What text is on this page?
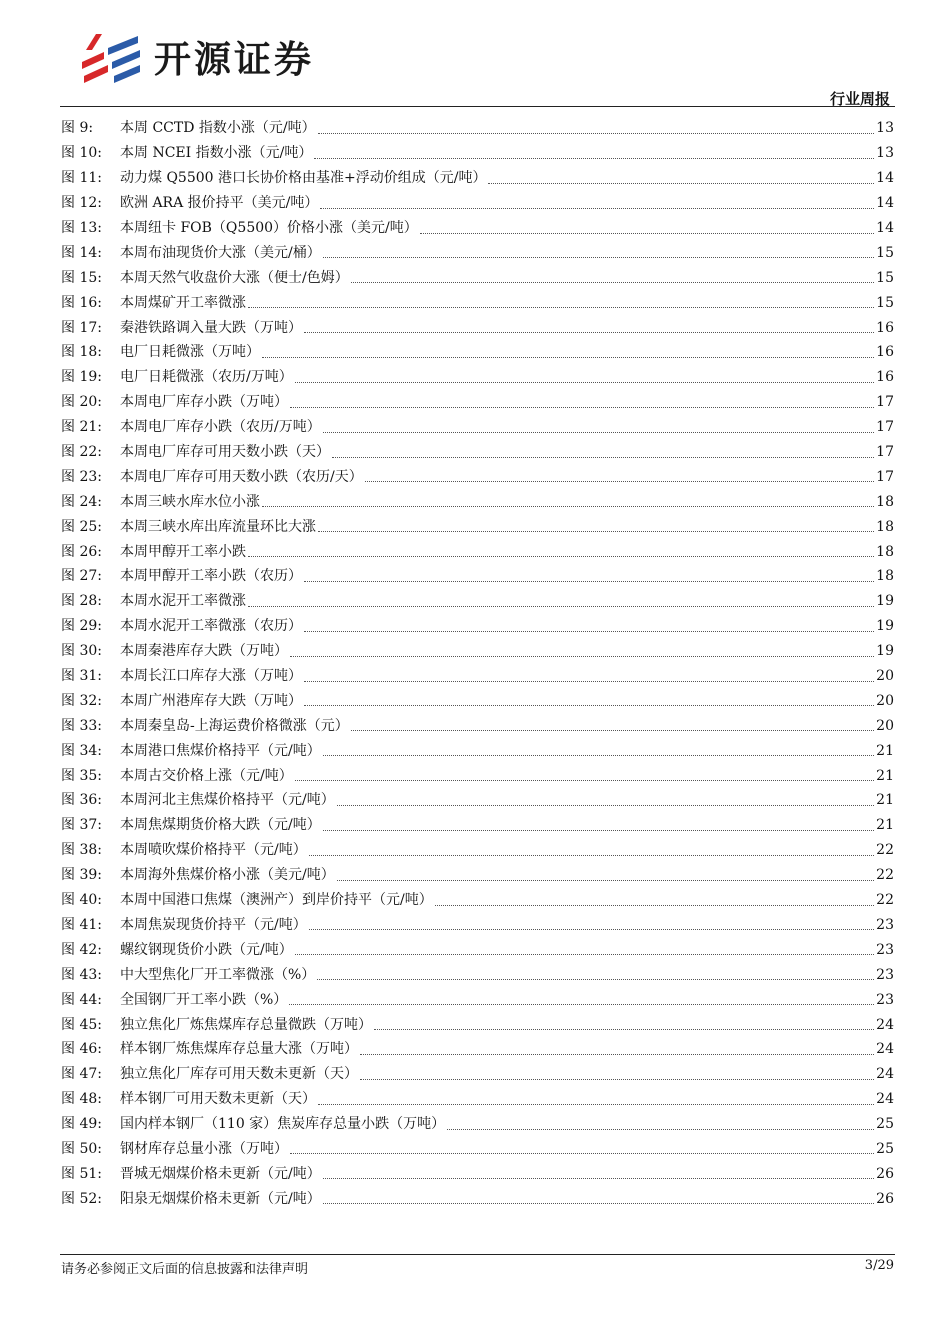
开源证券
行业周报
图 9:	本周 CCTD 指数小涨（元/吨）	13
图 10:	本周 NCEI 指数小涨（元/吨）	13
图 11:	动力煤 Q5500 港口长协价格由基准+浮动价组成（元/吨）	14
图 12:	欧洲 ARA 报价持平（美元/吨）	14
图 13:	本周纽卡 FOB（Q5500）价格小涨（美元/吨）	14
图 14:	本周布油现货价大涨（美元/桶）	15
图 15:	本周天然气收盘价大涨（便士/色姆）	15
图 16:	本周煤矿开工率微涨	15
图 17:	秦港铁路调入量大跌（万吨）	16
图 18:	电厂日耗微涨（万吨）	16
图 19:	电厂日耗微涨（农历/万吨）	16
图 20:	本周电厂库存小跌（万吨）	17
图 21:	本周电厂库存小跌（农历/万吨）	17
图 22:	本周电厂库存可用天数小跌（天）	17
图 23:	本周电厂库存可用天数小跌（农历/天）	17
图 24:	本周三峡水库水位小涨	18
图 25:	本周三峡水库出库流量环比大涨	18
图 26:	本周甲醇开工率小跌	18
图 27:	本周甲醇开工率小跌（农历）	18
图 28:	本周水泥开工率微涨	19
图 29:	本周水泥开工率微涨（农历）	19
图 30:	本周秦港库存大跌（万吨）	19
图 31:	本周长江口库存大涨（万吨）	20
图 32:	本周广州港库存大跌（万吨）	20
图 33:	本周秦皇岛-上海运费价格微涨（元）	20
图 34:	本周港口焦煤价格持平（元/吨）	21
图 35:	本周古交价格上涨（元/吨）	21
图 36:	本周河北主焦煤价格持平（元/吨）	21
图 37:	本周焦煤期货价格大跌（元/吨）	21
图 38:	本周喷吹煤价格持平（元/吨）	22
图 39:	本周海外焦煤价格小涨（美元/吨）	22
图 40:	本周中国港口焦煤（澳洲产）到岸价持平（元/吨）	22
图 41:	本周焦炭现货价持平（元/吨）	23
图 42:	螺纹钢现货价小跌（元/吨）	23
图 43:	中大型焦化厂开工率微涨（%）	23
图 44:	全国钢厂开工率小跌（%）	23
图 45:	独立焦化厂炼焦煤库存总量微跌（万吨）	24
图 46:	样本钢厂炼焦煤库存总量大涨（万吨）	24
图 47:	独立焦化厂库存可用天数未更新（天）	24
图 48:	样本钢厂可用天数未更新（天）	24
图 49:	国内样本钢厂（110 家）焦炭库存总量小跌（万吨）	25
图 50:	钢材库存总量小涨（万吨）	25
图 51:	晋城无烟煤价格未更新（元/吨）	26
图 52:	阳泉无烟煤价格未更新（元/吨）	26
请务必参阅正文后面的信息披露和法律声明	3/29
